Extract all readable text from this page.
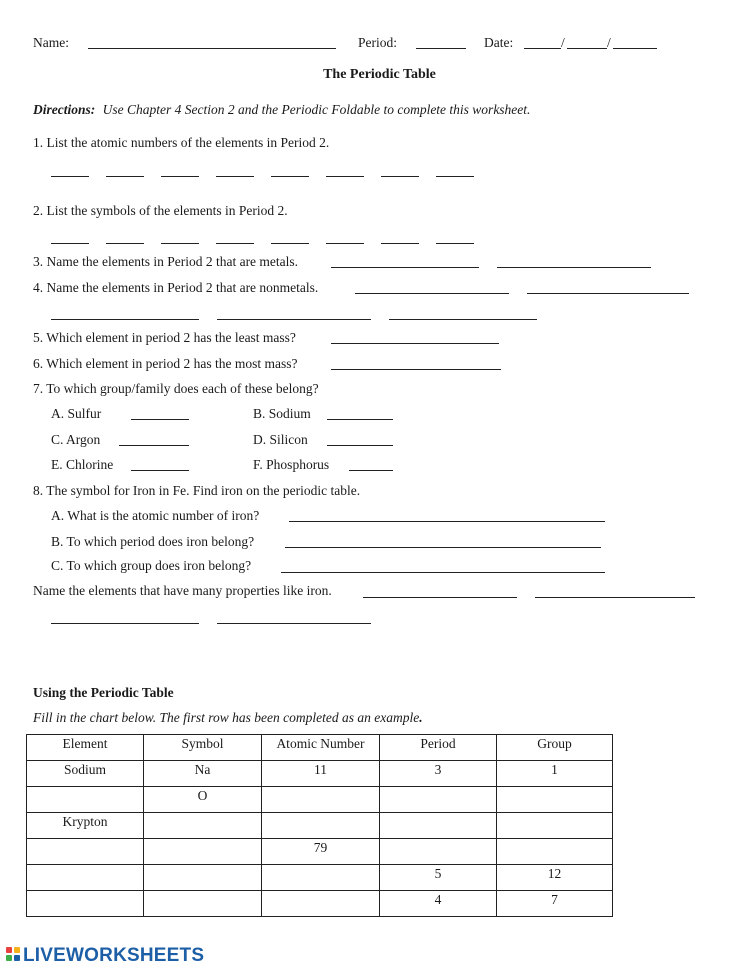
Name:	Period:	Date:	/	/
The Periodic Table
Directions: Use Chapter 4 Section 2 and the Periodic Foldable to complete this worksheet.
1. List the atomic numbers of the elements in Period 2.
2. List the symbols of the elements in Period 2.
3. Name the elements in Period 2 that are metals.
4. Name the elements in Period 2 that are nonmetals.
5. Which element in period 2 has the least mass?
6. Which element in period 2 has the most mass?
7. To which group/family does each of these belong?
A. Sulfur	B. Sodium
C. Argon	D. Silicon
E. Chlorine	F. Phosphorus
8. The symbol for Iron in Fe. Find iron on the periodic table.
A. What is the atomic number of iron?
B. To which period does iron belong?
C. To which group does iron belong?
Name the elements that have many properties like iron.
Using the Periodic Table
Fill in the chart below. The first row has been completed as an example.
Element	Symbol	Atomic Number	Period	Group
Sodium	Na	11	3	1
	O			
Krypton				
		79		
			5	12
			4	7
LIVEWORKSHEETS
